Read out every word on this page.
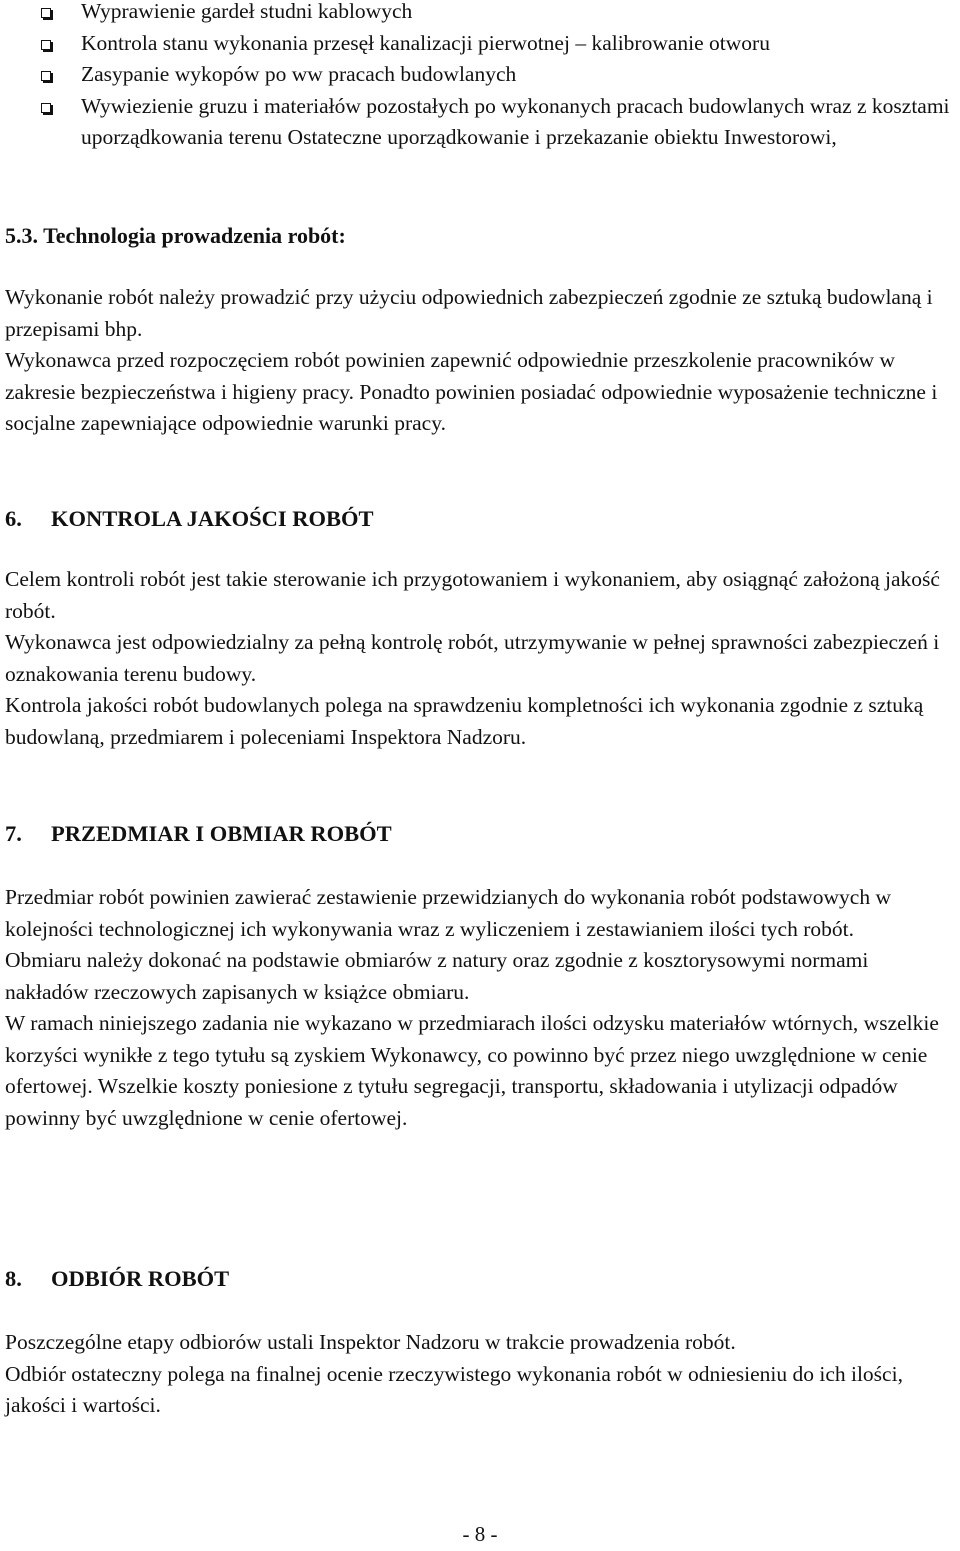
Wyprawienie gardeł studni kablowych
Kontrola stanu wykonania przesęł kanalizacji pierwotnej – kalibrowanie otworu
Zasypanie wykopów po ww pracach budowlanych
Wywiezienie gruzu i materiałów pozostałych po wykonanych pracach budowlanych wraz z kosztami uporządkowania terenu Ostateczne uporządkowanie i przekazanie obiektu Inwestorowi,
5.3. Technologia prowadzenia robót:

Wykonanie robót należy prowadzić przy użyciu odpowiednich zabezpieczeń zgodnie ze sztuką budowlaną i przepisami bhp.

Wykonawca przed rozpoczęciem robót powinien zapewnić odpowiednie przeszkolenie pracowników w zakresie bezpieczeństwa i higieny pracy. Ponadto powinien posiadać odpowiednie wyposażenie techniczne i socjalne zapewniające odpowiednie warunki pracy.

6. KONTROLA JAKOŚCI ROBÓT

Celem kontroli robót jest takie sterowanie ich przygotowaniem i wykonaniem, aby osiągnąć założoną jakość robót.

Wykonawca jest odpowiedzialny za pełną kontrolę robót, utrzymywanie w pełnej sprawności zabezpieczeń i oznakowania terenu budowy.

Kontrola jakości robót budowlanych polega na sprawdzeniu kompletności ich wykonania zgodnie z sztuką budowlaną, przedmiarem i poleceniami Inspektora Nadzoru.

7. PRZEDMIAR I OBMIAR ROBÓT

Przedmiar robót powinien zawierać zestawienie przewidzianych do wykonania robót podstawowych w kolejności technologicznej ich wykonywania wraz z wyliczeniem i zestawianiem ilości tych robót.

Obmiaru należy dokonać na podstawie obmiarów z natury oraz zgodnie z kosztorysowymi normami nakładów rzeczowych zapisanych w książce obmiaru.

W ramach niniejszego zadania nie wykazano w przedmiarach ilości odzysku materiałów wtórnych, wszelkie korzyści wynikłe z tego tytułu są zyskiem Wykonawcy, co powinno być przez niego uwzględnione w cenie ofertowej. Wszelkie koszty poniesione z tytułu segregacji, transportu, składowania i utylizacji odpadów powinny być uwzględnione w cenie ofertowej.

8. ODBIÓR ROBÓT

Poszczególne etapy odbiorów ustali Inspektor Nadzoru w trakcie prowadzenia robót.

Odbiór ostateczny polega na finalnej ocenie rzeczywistego wykonania robót w odniesieniu do ich ilości, jakości i wartości.

- 8 -
